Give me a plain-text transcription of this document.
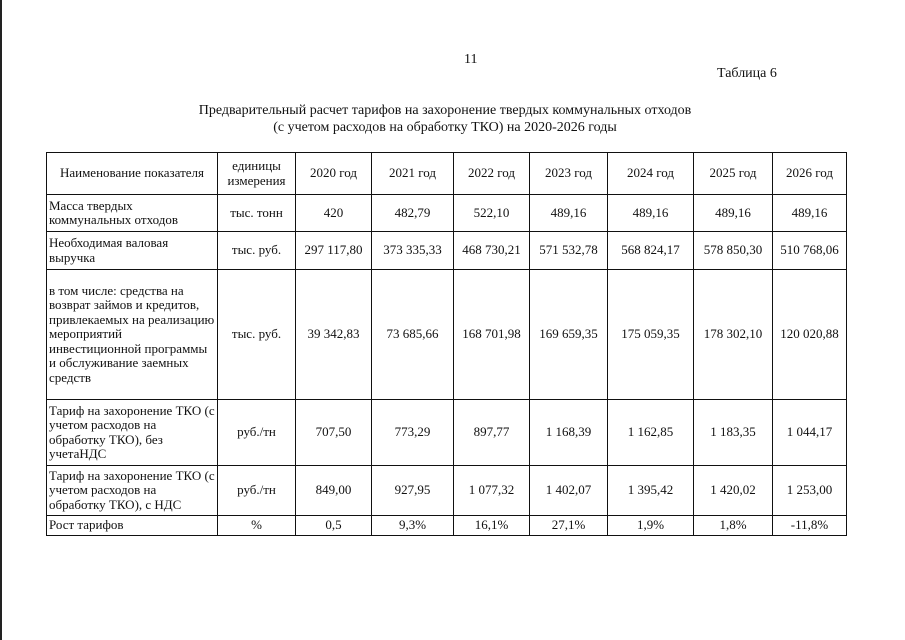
11
Таблица 6
Предварительный расчет тарифов на захоронение твердых коммунальных отходов
(с учетом расходов на обработку ТКО) на 2020-2026 годы
Наименование показателя	единицы измерения	2020 год	2021 год	2022 год	2023 год	2024 год	2025 год	2026 год
Масса твердых коммунальных отходов	тыс. тонн	420	482,79	522,10	489,16	489,16	489,16	489,16
Необходимая валовая выручка	тыс. руб.	297 117,80	373 335,33	468 730,21	571 532,78	568 824,17	578 850,30	510 768,06
в том числе: средства на возврат займов и кредитов, привлекаемых на реализацию мероприятий инвестиционной программы и обслуживание заемных средств	тыс. руб.	39 342,83	73 685,66	168 701,98	169 659,35	175 059,35	178 302,10	120 020,88
Тариф на захоронение ТКО (с учетом расходов на обработку ТКО), без учетаНДС	руб./тн	707,50	773,29	897,77	1 168,39	1 162,85	1 183,35	1 044,17
Тариф на захоронение ТКО (с учетом расходов на обработку ТКО), с НДС	руб./тн	849,00	927,95	1 077,32	1 402,07	1 395,42	1 420,02	1 253,00
Рост тарифов	%	0,5	9,3%	16,1%	27,1%	1,9%	1,8%	-11,8%
